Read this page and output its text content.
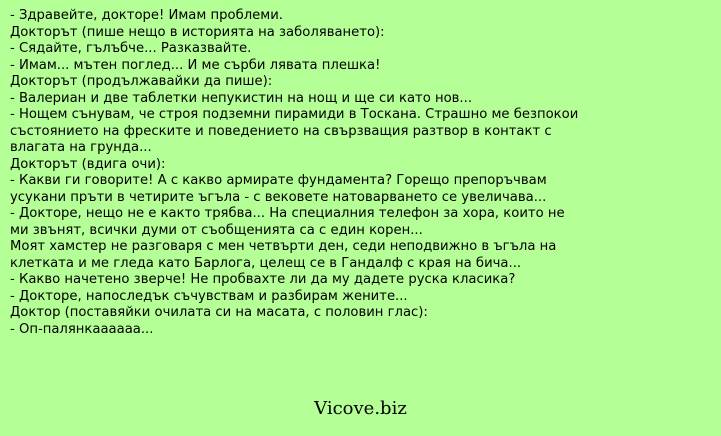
- Здравейте, докторе! Имам проблеми.
Докторът (пише нещо в историята на заболяването):
- Сядайте, гълъбче... Разказвайте.
- Имам... мътен поглед... И ме сърби лявата плешка!
Докторът (продължавайки да пише):
- Валериан и две таблетки непукистин на нощ и ще си като нов...
- Нощем сънувам, че строя подземни пирамиди в Тоскана. Страшно ме безпокои
състоянието на фреските и поведението на свързващия разтвор в контакт с
влагата на грунда...
Докторът (вдига очи):
- Какви ги говорите! А с какво армирате фундамента? Горещо препоръчвам
усукани пръти в четирите ъгъла - с вековете натоварването се увеличава...
- Докторе, нещо не е както трябва... На специалния телефон за хора, които не
ми звънят, всички думи от съобщенията са с един корен...
Моят хамстер не разговаря с мен четвърти ден, седи неподвижно в ъгъла на
клетката и ме гледа като Барлога, целещ се в Гандалф с края на бича...
- Какво начетено зверче! Не пробвахте ли да му дадете руска класика?
- Докторе, напоследък съчувствам и разбирам жените...
Доктор (поставяйки очилата си на масата, с половин глас):
- Оп-палянкаааааа...
Vicove.biz
